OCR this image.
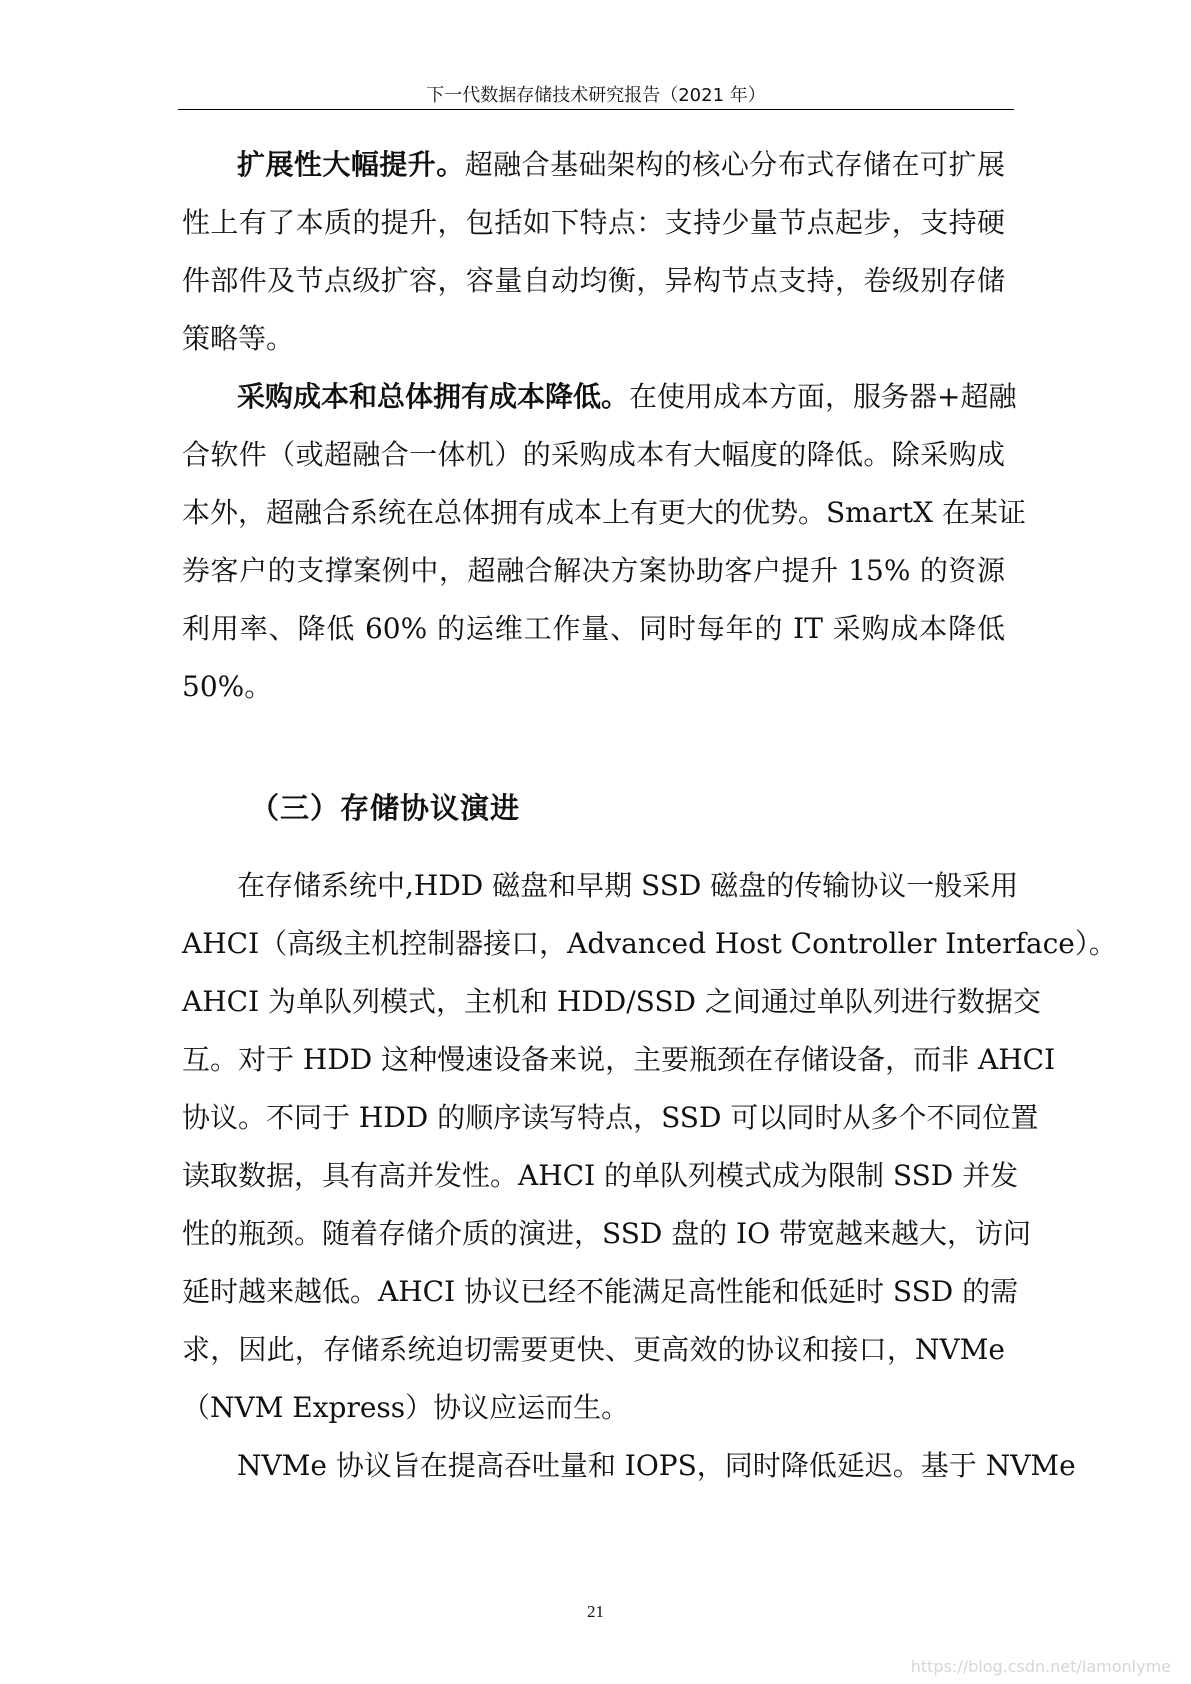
下一代数据存储技术研究报告（2021 年）
扩展性大幅提升。超融合基础架构的核心分布式存储在可扩展
性上有了本质的提升，包括如下特点：支持少量节点起步，支持硬
件部件及节点级扩容，容量自动均衡，异构节点支持，卷级别存储
策略等。
采购成本和总体拥有成本降低。在使用成本方面，服务器+超融
合软件（或超融合一体机）的采购成本有大幅度的降低。除采购成
本外，超融合系统在总体拥有成本上有更大的优势。SmartX 在某证
券客户的支撑案例中，超融合解决方案协助客户提升 15% 的资源
利用率、降低 60% 的运维工作量、同时每年的 IT 采购成本降低
50%。
（三）存储协议演进
在存储系统中,HDD 磁盘和早期 SSD 磁盘的传输协议一般采用
AHCI（高级主机控制器接口，Advanced Host Controller Interface）。
AHCI 为单队列模式，主机和 HDD/SSD 之间通过单队列进行数据交
互。对于 HDD 这种慢速设备来说，主要瓶颈在存储设备，而非 AHCI
协议。不同于 HDD 的顺序读写特点，SSD 可以同时从多个不同位置
读取数据，具有高并发性。AHCI 的单队列模式成为限制 SSD 并发
性的瓶颈。随着存储介质的演进，SSD 盘的 IO 带宽越来越大，访问
延时越来越低。AHCI 协议已经不能满足高性能和低延时 SSD 的需
求，因此，存储系统迫切需要更快、更高效的协议和接口，NVMe
（NVM Express）协议应运而生。
NVMe 协议旨在提高吞吐量和 IOPS，同时降低延迟。基于 NVMe
21
https://blog.csdn.net/lamonlyme
